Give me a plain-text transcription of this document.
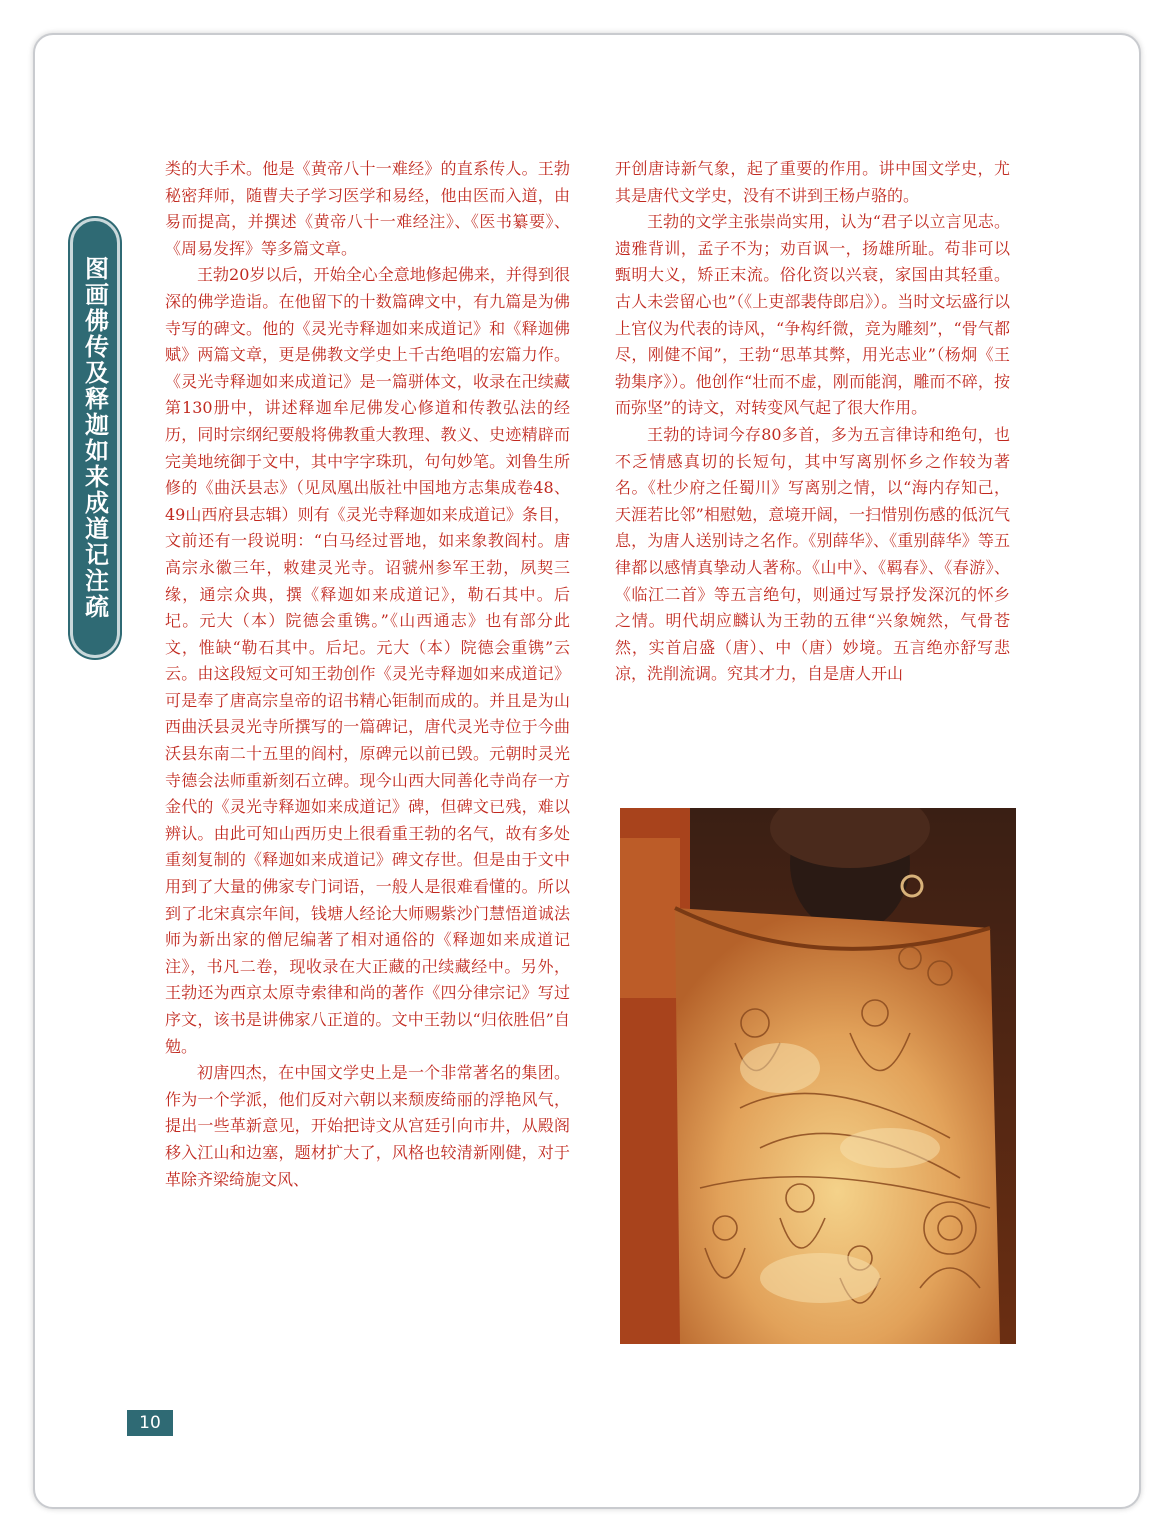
图画佛传及释迦如来成道记注疏

类的大手术。他是《黄帝八十一难经》的直系传人。王勃秘密拜师，随曹夫子学习医学和易经，他由医而入道，由易而提高，并撰述《黄帝八十一难经注》、《医书纂要》、《周易发挥》等多篇文章。

王勃20岁以后，开始全心全意地修起佛来，并得到很深的佛学造诣。在他留下的十数篇碑文中，有九篇是为佛寺写的碑文。他的《灵光寺释迦如来成道记》和《释迦佛赋》两篇文章，更是佛教文学史上千古绝唱的宏篇力作。《灵光寺释迦如来成道记》是一篇骈体文，收录在卍续藏第130册中，讲述释迦牟尼佛发心修道和传教弘法的经历，同时宗纲纪要般将佛教重大教理、教义、史迹精辟而完美地统御于文中，其中字字珠玑，句句妙笔。刘鲁生所修的《曲沃县志》（见凤凰出版社中国地方志集成卷48、49山西府县志辑）则有《灵光寺释迦如来成道记》条目，文前还有一段说明：“白马经过晋地，如来象教阎村。唐高宗永徽三年，敕建灵光寺。诏虢州参军王勃，夙契三缘，通宗众典，撰《释迦如来成道记》，勒石其中。后圮。元大（本）院德会重镌。”《山西通志》也有部分此文，惟缺“勒石其中。后圮。元大（本）院德会重镌”云云。由这段短文可知王勃创作《灵光寺释迦如来成道记》可是奉了唐高宗皇帝的诏书精心钜制而成的。并且是为山西曲沃县灵光寺所撰写的一篇碑记，唐代灵光寺位于今曲沃县东南二十五里的阎村，原碑元以前已毁。元朝时灵光寺德会法师重新刻石立碑。现今山西大同善化寺尚存一方金代的《灵光寺释迦如来成道记》碑，但碑文已残，难以辨认。由此可知山西历史上很看重王勃的名气，故有多处重刻复制的《释迦如来成道记》碑文存世。但是由于文中用到了大量的佛家专门词语，一般人是很难看懂的。所以到了北宋真宗年间，钱塘人经论大师赐紫沙门慧悟道诚法师为新出家的僧尼编著了相对通俗的《释迦如来成道记注》，书凡二卷，现收录在大正藏的卍续藏经中。另外，王勃还为西京太原寺索律和尚的著作《四分律宗记》写过序文，该书是讲佛家八正道的。文中王勃以“归依胜侣”自勉。

初唐四杰，在中国文学史上是一个非常著名的集团。作为一个学派，他们反对六朝以来颓废绮丽的浮艳风气，提出一些革新意见，开始把诗文从宫廷引向市井，从殿阁移入江山和边塞，题材扩大了，风格也较清新刚健，对于革除齐梁绮旎文风、

开创唐诗新气象，起了重要的作用。讲中国文学史，尤其是唐代文学史，没有不讲到王杨卢骆的。

王勃的文学主张崇尚实用，认为“君子以立言见志。遗雅背训，孟子不为；劝百讽一，扬雄所耻。苟非可以甄明大义，矫正末流。俗化资以兴衰，家国由其轻重。古人未尝留心也”（《上吏部裴侍郎启》）。当时文坛盛行以上官仪为代表的诗风，“争构纤微，竞为雕刻”，“骨气都尽，刚健不闻”，王勃“思革其弊，用光志业”（杨炯《王勃集序》）。他创作“壮而不虚，刚而能润，雕而不碎，按而弥坚”的诗文，对转变风气起了很大作用。

王勃的诗词今存80多首，多为五言律诗和绝句，也不乏情感真切的长短句，其中写离别怀乡之作较为著名。《杜少府之任蜀川》写离别之情，以“海内存知己，天涯若比邻”相慰勉，意境开阔，一扫惜别伤感的低沉气息，为唐人送别诗之名作。《别薛华》、《重别薛华》等五律都以感情真挚动人著称。《山中》、《羁春》、《春游》、《临江二首》等五言绝句，则通过写景抒发深沉的怀乡之情。明代胡应麟认为王勃的五律“兴象婉然，气骨苍然，实首启盛（唐）、中（唐）妙境。五言绝亦舒写悲凉，洗削流调。究其才力，自是唐人开山

10
